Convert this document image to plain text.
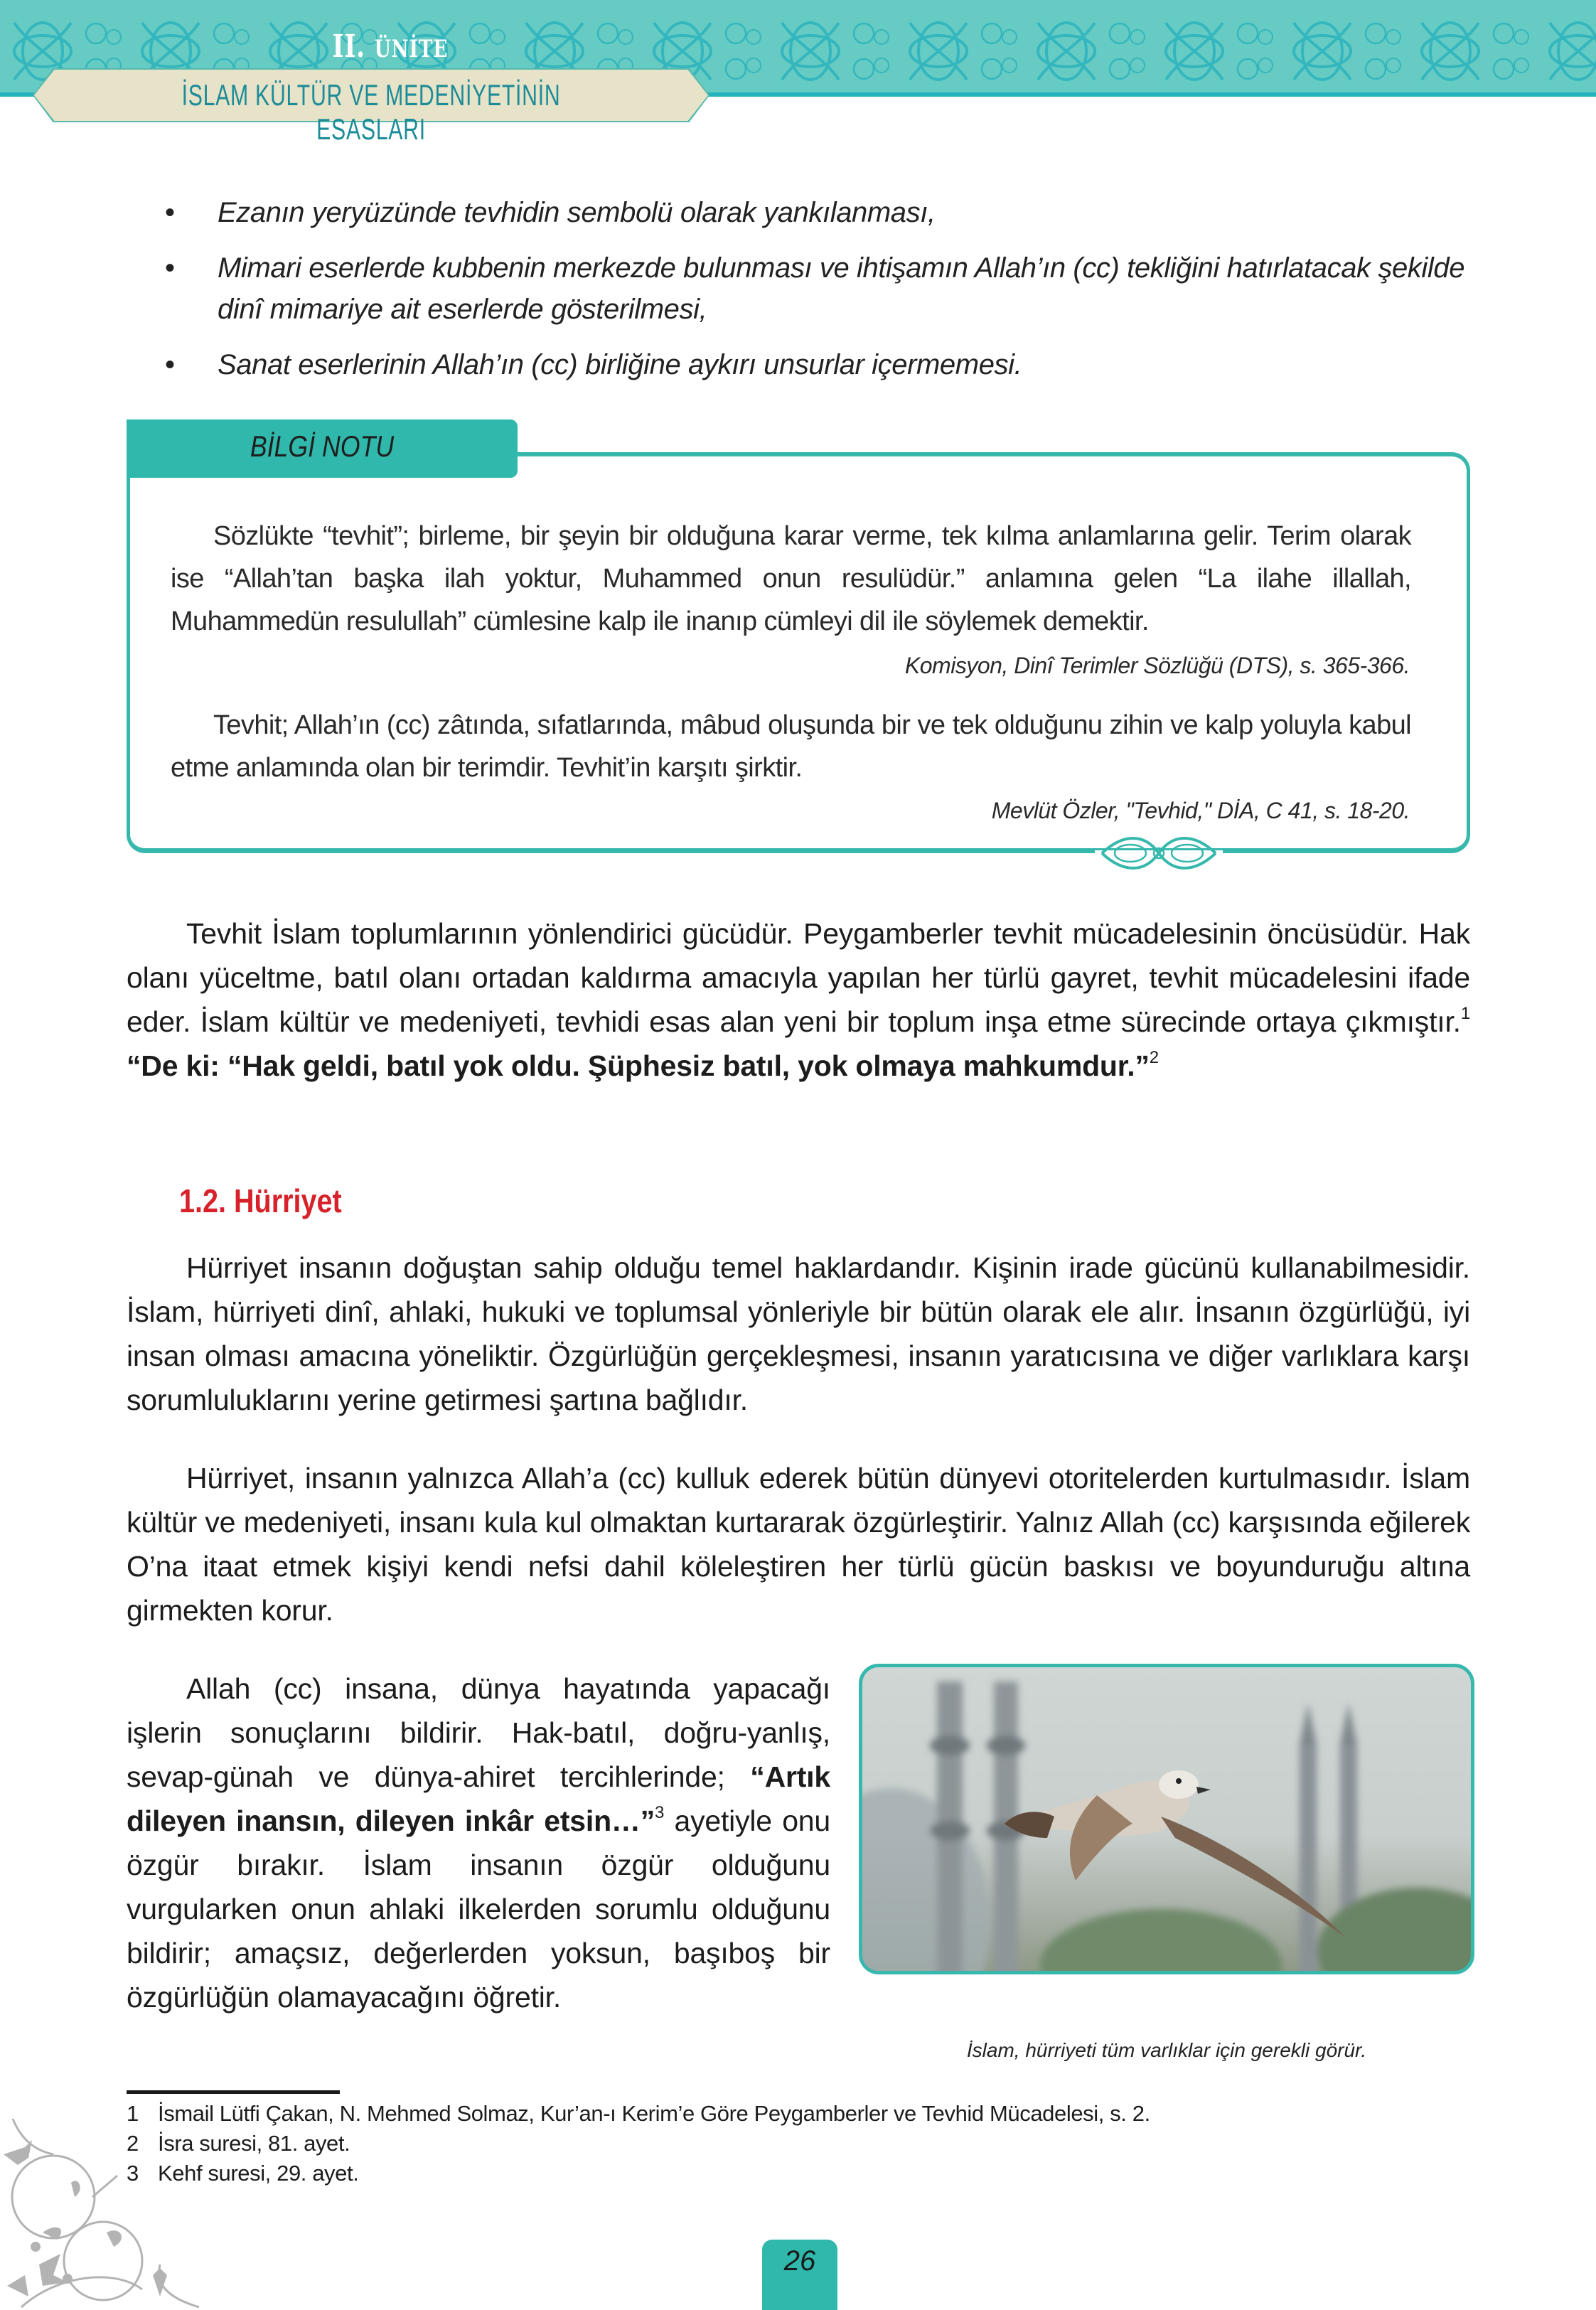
II. ÜNİTE
İSLAM KÜLTÜR VE MEDENİYETİNİN ESASLARI
• Ezanın yeryüzünde tevhidin sembolü olarak yankılanması,
• Mimari eserlerde kubbenin merkezde bulunması ve ihtişamın Allah’ın (cc) tekliğini hatırlatacak şekilde dinî mimariye ait eserlerde gösterilmesi,
• Sanat eserlerinin Allah’ın (cc) birliğine aykırı unsurlar içermemesi.
BİLGİ NOTU

Sözlükte “tevhit”; birleme, bir şeyin bir olduğuna karar verme, tek kılma anlamlarına gelir. Terim olarak ise “Allah’tan başka ilah yoktur, Muhammed onun resulüdür.” anlamına gelen “La ilahe illallah, Muhammedün resulullah” cümlesine kalp ile inanıp cümleyi dil ile söylemek demektir.

Komisyon, Dinî Terimler Sözlüğü (DTS), s. 365-366.

Tevhit; Allah’ın (cc) zâtında, sıfatlarında, mâbud oluşunda bir ve tek olduğunu zihin ve kalp yoluyla kabul etme anlamında olan bir terimdir. Tevhit’in karşıtı şirktir.

Mevlüt Özler, "Tevhid," DİA, C 41, s. 18-20.

Tevhit İslam toplumlarının yönlendirici gücüdür. Peygamberler tevhit mücadelesinin öncüsüdür. Hak olanı yüceltme, batıl olanı ortadan kaldırma amacıyla yapılan her türlü gayret, tevhit mücadelesini ifade eder. İslam kültür ve medeniyeti, tevhidi esas alan yeni bir toplum inşa etme sürecinde ortaya çıkmıştır.$^1$ “De ki: “Hak geldi, batıl yok oldu. Şüphesiz batıl, yok olmaya mahkumdur.”$^2$

1.2. Hürriyet

Hürriyet insanın doğuştan sahip olduğu temel haklardandır. Kişinin irade gücünü kullanabilmesidir. İslam, hürriyeti dinî, ahlaki, hukuki ve toplumsal yönleriyle bir bütün olarak ele alır. İnsanın özgürlüğü, iyi insan olması amacına yöneliktir. Özgürlüğün gerçekleşmesi, insanın yaratıcısına ve diğer varlıklara karşı sorumluluklarını yerine getirmesi şartına bağlıdır.

Hürriyet, insanın yalnızca Allah’a (cc) kulluk ederek bütün dünyevi otoritelerden kurtulmasıdır. İslam kültür ve medeniyeti, insanı kula kul olmaktan kurtararak özgürleştirir. Yalnız Allah (cc) karşısında eğilerek O’na itaat etmek kişiyi kendi nefsi dahil köleleştiren her türlü gücün baskısı ve boyunduruğu altına girmekten korur.

Allah (cc) insana, dünya hayatında yapacağı işlerin sonuçlarını bildirir. Hak-batıl, doğru-yanlış, sevap-günah ve dünya-ahiret tercihlerinde; “Artık dileyen inansın, dileyen inkâr etsin…”$^3$ ayetiyle onu özgür bırakır. İslam insanın özgür olduğunu vurgularken onun ahlaki ilkelerden sorumlu olduğunu bildirir; amaçsız, değerlerden yoksun, başıboş bir özgürlüğün olamayacağını öğretir.

İslam, hürriyeti tüm varlıklar için gerekli görür.
1 İsmail Lütfi Çakan, N. Mehmed Solmaz, Kur’an-ı Kerim’e Göre Peygamberler ve Tevhid Mücadelesi, s. 2.
2 İsra suresi, 81. ayet.
3 Kehf suresi, 29. ayet.
26
